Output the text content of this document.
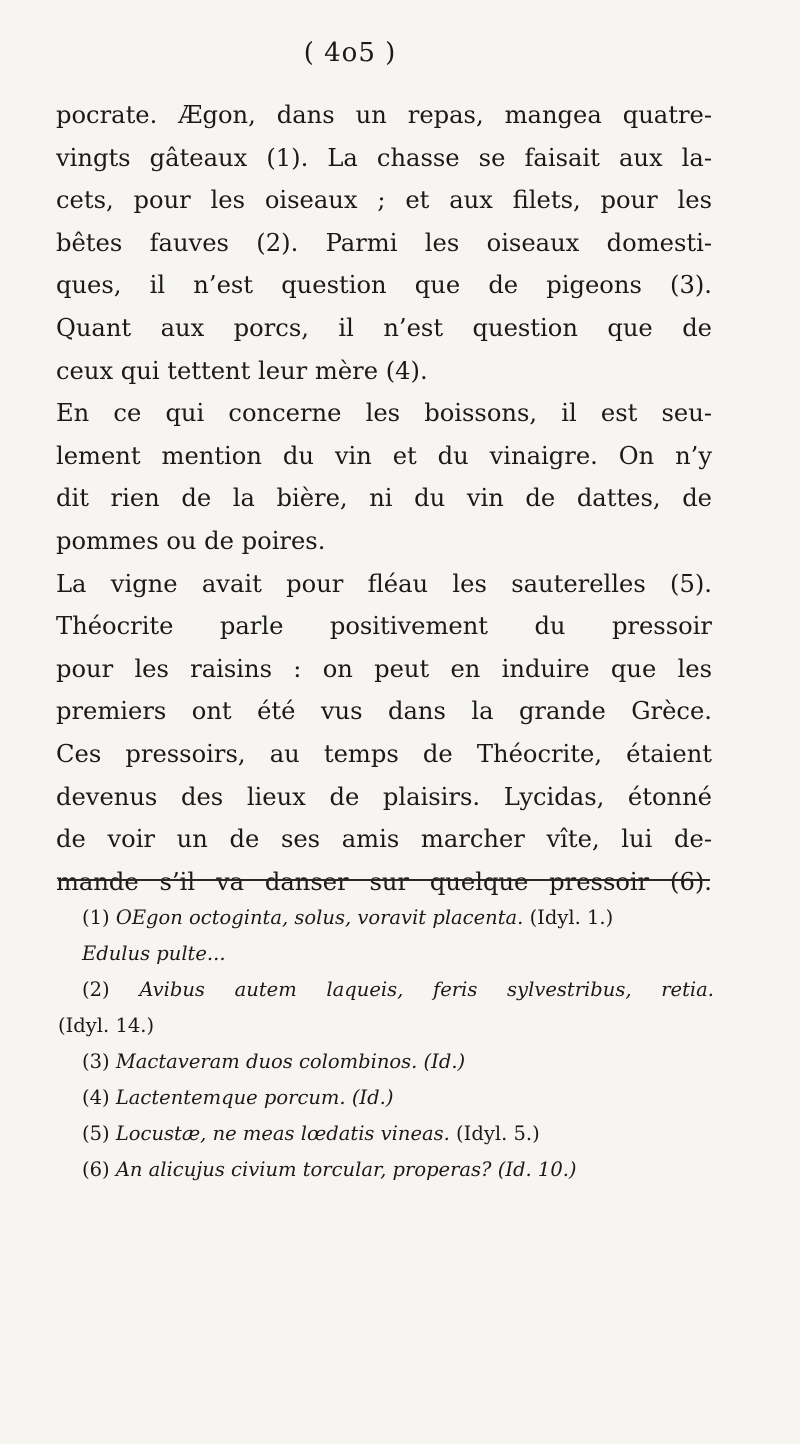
( 4o5 )
pocrate. Ægon, dans un repas, mangea quatre-
vingts gâteaux (1). La chasse se faisait aux la-
cets, pour les oiseaux ; et aux filets, pour les
bêtes fauves (2). Parmi les oiseaux domesti-
ques, il n’est question que de pigeons (3).
Quant aux porcs, il n’est question que de
ceux qui tettent leur mère (4).
En ce qui concerne les boissons, il est seu-
lement mention du vin et du vinaigre. On n’y
dit rien de la bière, ni du vin de dattes, de
pommes ou de poires.
La vigne avait pour fléau les sauterelles (5).
Théocrite parle positivement du pressoir
pour les raisins : on peut en induire que les
premiers ont été vus dans la grande Grèce.
Ces pressoirs, au temps de Théocrite, étaient
devenus des lieux de plaisirs. Lycidas, étonné
de voir un de ses amis marcher vîte, lui de-
mande s’il va danser sur quelque pressoir (6).
(1) OEgon octoginta, solus, voravit placenta. (Idyl. 1.)
Edulus pulte...
(2) Avibus autem laqueis, feris sylvestribus, retia.
(Idyl. 14.)
(3) Mactaveram duos colombinos. (Id.)
(4) Lactentemque porcum. (Id.)
(5) Locustæ, ne meas lœdatis vineas. (Idyl. 5.)
(6) An alicujus civium torcular, properas? (Id. 10.)
